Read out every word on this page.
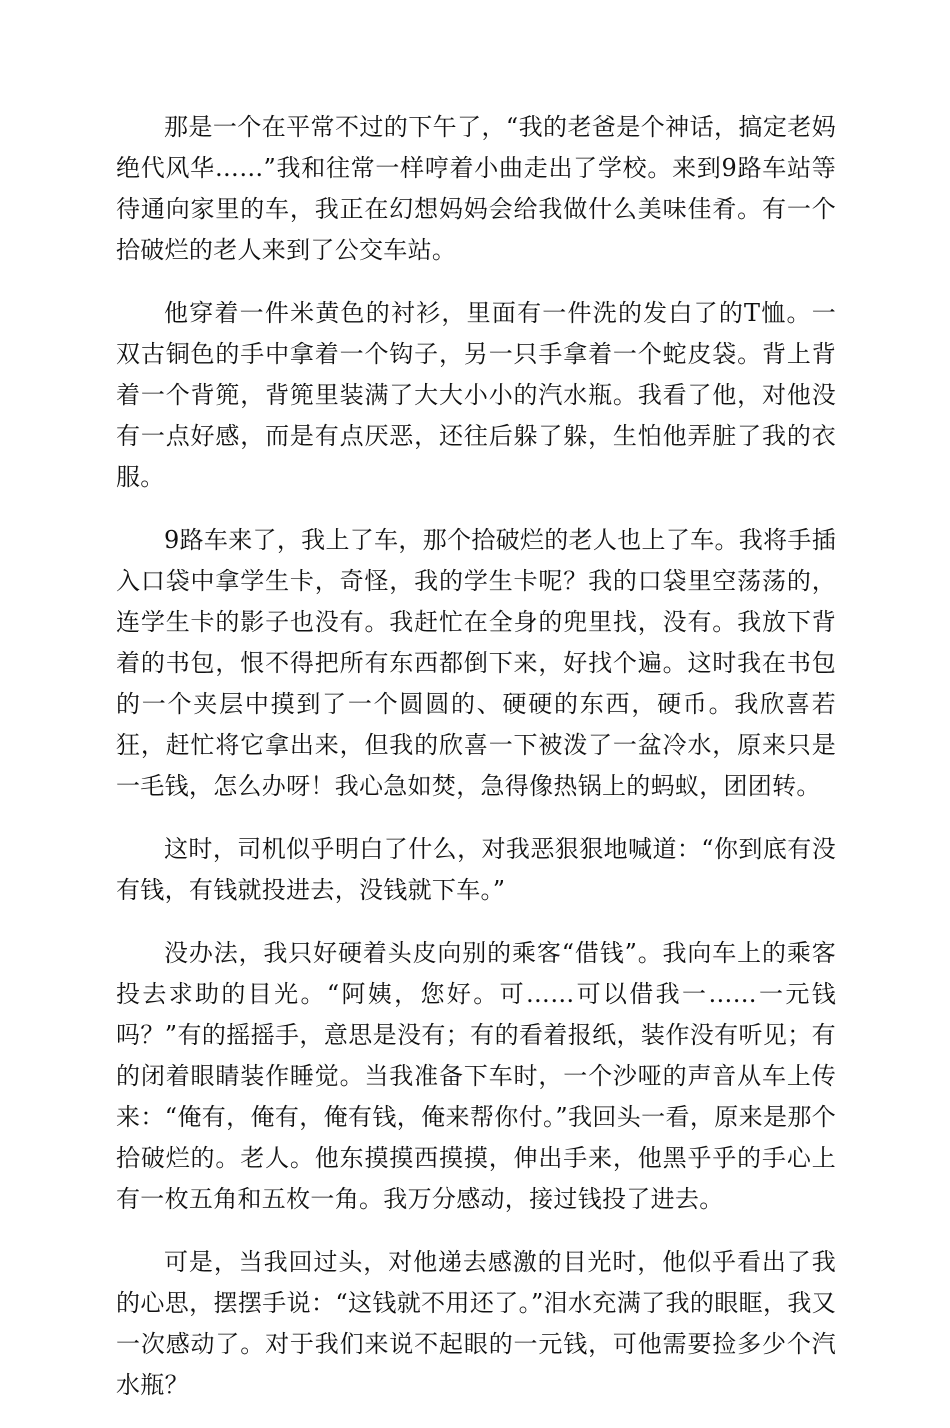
那是一个在平常不过的下午了，“我的老爸是个神话，搞定老妈绝代风华……”我和往常一样哼着小曲走出了学校。来到9路车站等待通向家里的车，我正在幻想妈妈会给我做什么美味佳肴。有一个拾破烂的老人来到了公交车站。

他穿着一件米黄色的衬衫，里面有一件洗的发白了的T恤。一双古铜色的手中拿着一个钩子，另一只手拿着一个蛇皮袋。背上背着一个背篼，背篼里装满了大大小小的汽水瓶。我看了他，对他没有一点好感，而是有点厌恶，还往后躲了躲，生怕他弄脏了我的衣服。

9路车来了，我上了车，那个拾破烂的老人也上了车。我将手插入口袋中拿学生卡，奇怪，我的学生卡呢？我的口袋里空荡荡的，连学生卡的影子也没有。我赶忙在全身的兜里找，没有。我放下背着的书包，恨不得把所有东西都倒下来，好找个遍。这时我在书包的一个夹层中摸到了一个圆圆的、硬硬的东西，硬币。我欣喜若狂，赶忙将它拿出来，但我的欣喜一下被泼了一盆冷水，原来只是一毛钱，怎么办呀！我心急如焚，急得像热锅上的蚂蚁，团团转。

这时，司机似乎明白了什么，对我恶狠狠地喊道：“你到底有没有钱，有钱就投进去，没钱就下车。”

没办法，我只好硬着头皮向别的乘客“借钱”。我向车上的乘客投去求助的目光。“阿姨，您好。可……可以借我一……一元钱吗？”有的摇摇手，意思是没有；有的看着报纸，装作没有听见；有的闭着眼睛装作睡觉。当我准备下车时，一个沙哑的声音从车上传来：“俺有，俺有，俺有钱，俺来帮你付。”我回头一看，原来是那个拾破烂的。老人。他东摸摸西摸摸，伸出手来，他黑乎乎的手心上有一枚五角和五枚一角。我万分感动，接过钱投了进去。

可是，当我回过头，对他递去感激的目光时，他似乎看出了我的心思，摆摆手说：“这钱就不用还了。”泪水充满了我的眼眶，我又一次感动了。对于我们来说不起眼的一元钱，可他需要捡多少个汽水瓶？
